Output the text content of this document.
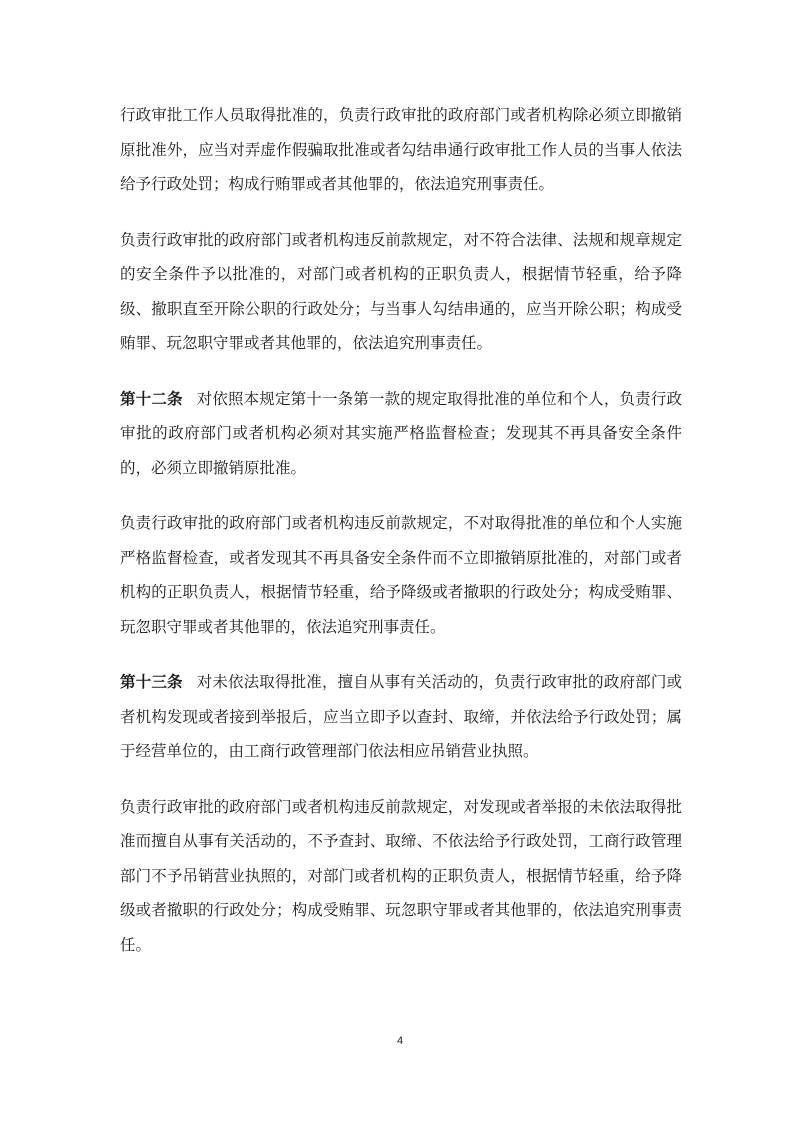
行政审批工作人员取得批准的，负责行政审批的政府部门或者机构除必须立即撤销原批准外，应当对弄虚作假骗取批准或者勾结串通行政审批工作人员的当事人依法给予行政处罚；构成行贿罪或者其他罪的，依法追究刑事责任。

负责行政审批的政府部门或者机构违反前款规定，对不符合法律、法规和规章规定的安全条件予以批准的，对部门或者机构的正职负责人，根据情节轻重，给予降级、撤职直至开除公职的行政处分；与当事人勾结串通的，应当开除公职；构成受贿罪、玩忽职守罪或者其他罪的，依法追究刑事责任。

第十二条 对依照本规定第十一条第一款的规定取得批准的单位和个人，负责行政审批的政府部门或者机构必须对其实施严格监督检查；发现其不再具备安全条件的，必须立即撤销原批准。

负责行政审批的政府部门或者机构违反前款规定，不对取得批准的单位和个人实施严格监督检查，或者发现其不再具备安全条件而不立即撤销原批准的，对部门或者机构的正职负责人，根据情节轻重，给予降级或者撤职的行政处分；构成受贿罪、玩忽职守罪或者其他罪的，依法追究刑事责任。

第十三条 对未依法取得批准，擅自从事有关活动的，负责行政审批的政府部门或者机构发现或者接到举报后，应当立即予以查封、取缔，并依法给予行政处罚；属于经营单位的，由工商行政管理部门依法相应吊销营业执照。

负责行政审批的政府部门或者机构违反前款规定，对发现或者举报的未依法取得批准而擅自从事有关活动的，不予查封、取缔、不依法给予行政处罚，工商行政管理部门不予吊销营业执照的，对部门或者机构的正职负责人，根据情节轻重，给予降级或者撤职的行政处分；构成受贿罪、玩忽职守罪或者其他罪的，依法追究刑事责任。

4
